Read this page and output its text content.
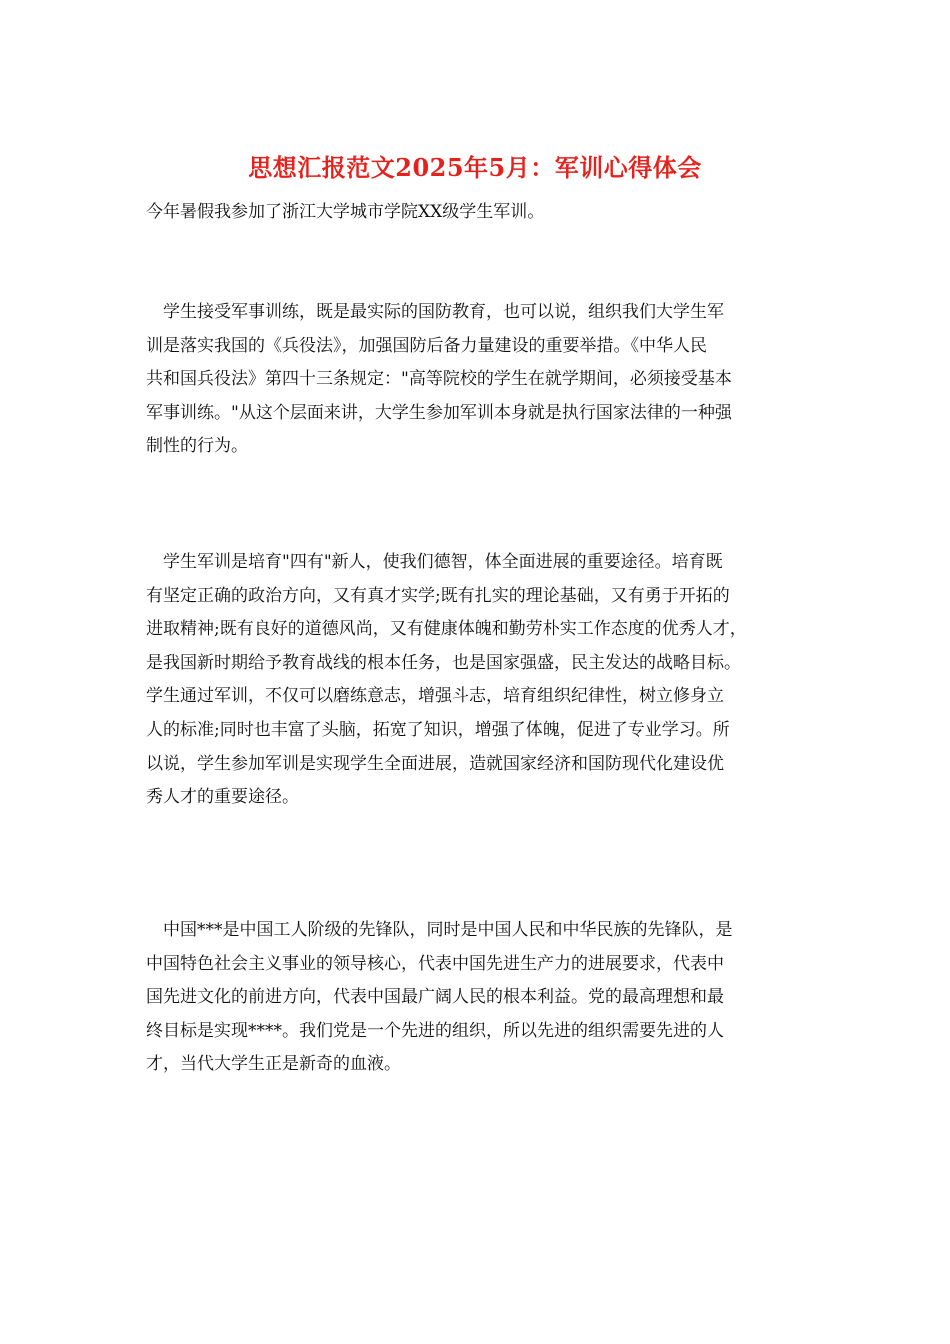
思想汇报范文2025年5月：军训心得体会
今年暑假我参加了浙江大学城市学院XX级学生军训。
学生接受军事训练，既是最实际的国防教育，也可以说，组织我们大学生军
训是落实我国的《兵役法》，加强国防后备力量建设的重要举措。《中华人民
共和国兵役法》第四十三条规定："高等院校的学生在就学期间，必须接受基本
军事训练。"从这个层面来讲，大学生参加军训本身就是执行国家法律的一种强
制性的行为。
学生军训是培育"四有"新人，使我们德智，体全面进展的重要途径。培育既
有坚定正确的政治方向，又有真才实学;既有扎实的理论基础，又有勇于开拓的
进取精神;既有良好的道德风尚，又有健康体魄和勤劳朴实工作态度的优秀人才，
是我国新时期给予教育战线的根本任务，也是国家强盛，民主发达的战略目标。
学生通过军训，不仅可以磨练意志，增强斗志，培育组织纪律性，树立修身立
人的标准;同时也丰富了头脑，拓宽了知识，增强了体魄，促进了专业学习。所
以说，学生参加军训是实现学生全面进展，造就国家经济和国防现代化建设优
秀人才的重要途径。
中国***是中国工人阶级的先锋队，同时是中国人民和中华民族的先锋队，是
中国特色社会主义事业的领导核心，代表中国先进生产力的进展要求，代表中
国先进文化的前进方向，代表中国最广阔人民的根本利益。党的最高理想和最
终目标是实现****。我们党是一个先进的组织，所以先进的组织需要先进的人
才，当代大学生正是新奇的血液。
